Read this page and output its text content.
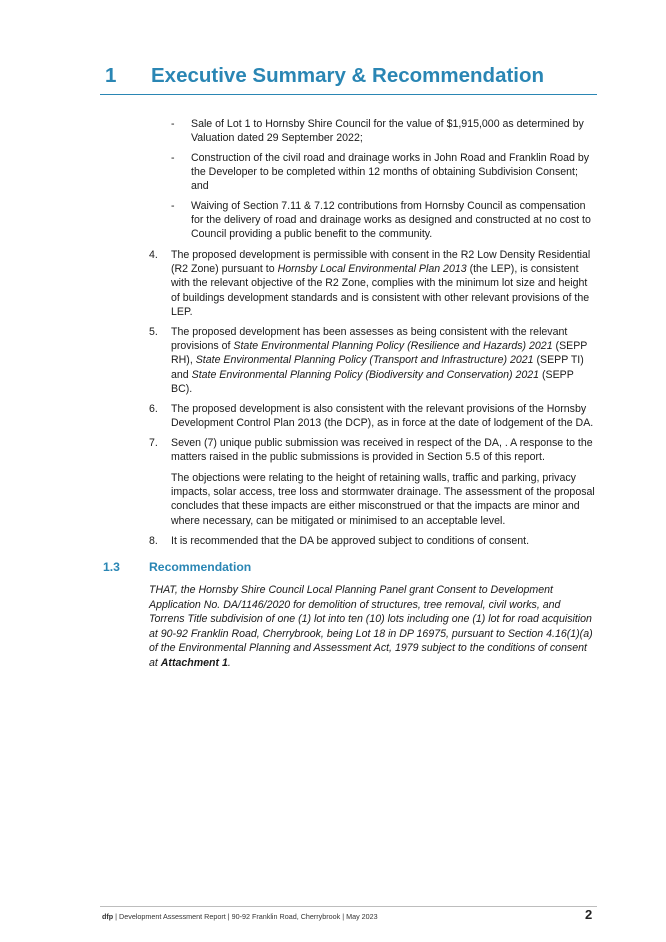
1 Executive Summary & Recommendation
- Sale of Lot 1 to Hornsby Shire Council for the value of $1,915,000 as determined by Valuation dated 29 September 2022;

- Construction of the civil road and drainage works in John Road and Franklin Road by the Developer to be completed within 12 months of obtaining Subdivision Consent; and

- Waiving of Section 7.11 & 7.12 contributions from Hornsby Council as compensation for the delivery of road and drainage works as designed and constructed at no cost to Council providing a public benefit to the community.

4. The proposed development is permissible with consent in the R2 Low Density Residential (R2 Zone) pursuant to Hornsby Local Environmental Plan 2013 (the LEP), is consistent with the relevant objective of the R2 Zone, complies with the minimum lot size and height of buildings development standards and is consistent with other relevant provisions of the LEP.

5. The proposed development has been assesses as being consistent with the relevant provisions of State Environmental Planning Policy (Resilience and Hazards) 2021 (SEPP RH), State Environmental Planning Policy (Transport and Infrastructure) 2021 (SEPP TI) and State Environmental Planning Policy (Biodiversity and Conservation) 2021 (SEPP BC).

6. The proposed development is also consistent with the relevant provisions of the Hornsby Development Control Plan 2013 (the DCP), as in force at the date of lodgement of the DA.

7. Seven (7) unique public submission was received in respect of the DA, . A response to the matters raised in the public submissions is provided in Section 5.5 of this report.

The objections were relating to the height of retaining walls, traffic and parking, privacy impacts, solar access, tree loss and stormwater drainage. The assessment of the proposal concludes that these impacts are either misconstrued or that the impacts are minor and where necessary, can be mitigated or minimised to an acceptable level.

8. It is recommended that the DA be approved subject to conditions of consent.

1.3 Recommendation

THAT, the Hornsby Shire Council Local Planning Panel grant Consent to Development Application No. DA/1146/2020 for demolition of structures, tree removal, civil works, and Torrens Title subdivision of one (1) lot into ten (10) lots including one (1) lot for road acquisition at 90-92 Franklin Road, Cherrybrook, being Lot 18 in DP 16975, pursuant to Section 4.16(1)(a) of the Environmental Planning and Assessment Act, 1979 subject to the conditions of consent at Attachment 1.

dfp | Development Assessment Report | 90-92 Franklin Road, Cherrybrook | May 2023	2
